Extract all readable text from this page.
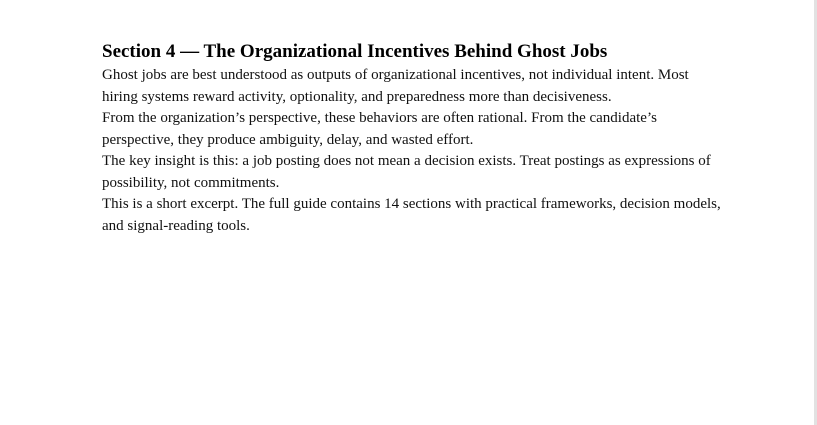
Section 4 — The Organizational Incentives Behind Ghost Jobs

Ghost jobs are best understood as outputs of organizational incentives, not individual intent. Most hiring systems reward activity, optionality, and preparedness more than decisiveness.

From the organization’s perspective, these behaviors are often rational. From the candidate’s perspective, they produce ambiguity, delay, and wasted effort.

The key insight is this: a job posting does not mean a decision exists. Treat postings as expressions of possibility, not commitments.

This is a short excerpt. The full guide contains 14 sections with practical frameworks, decision models, and signal-reading tools.
